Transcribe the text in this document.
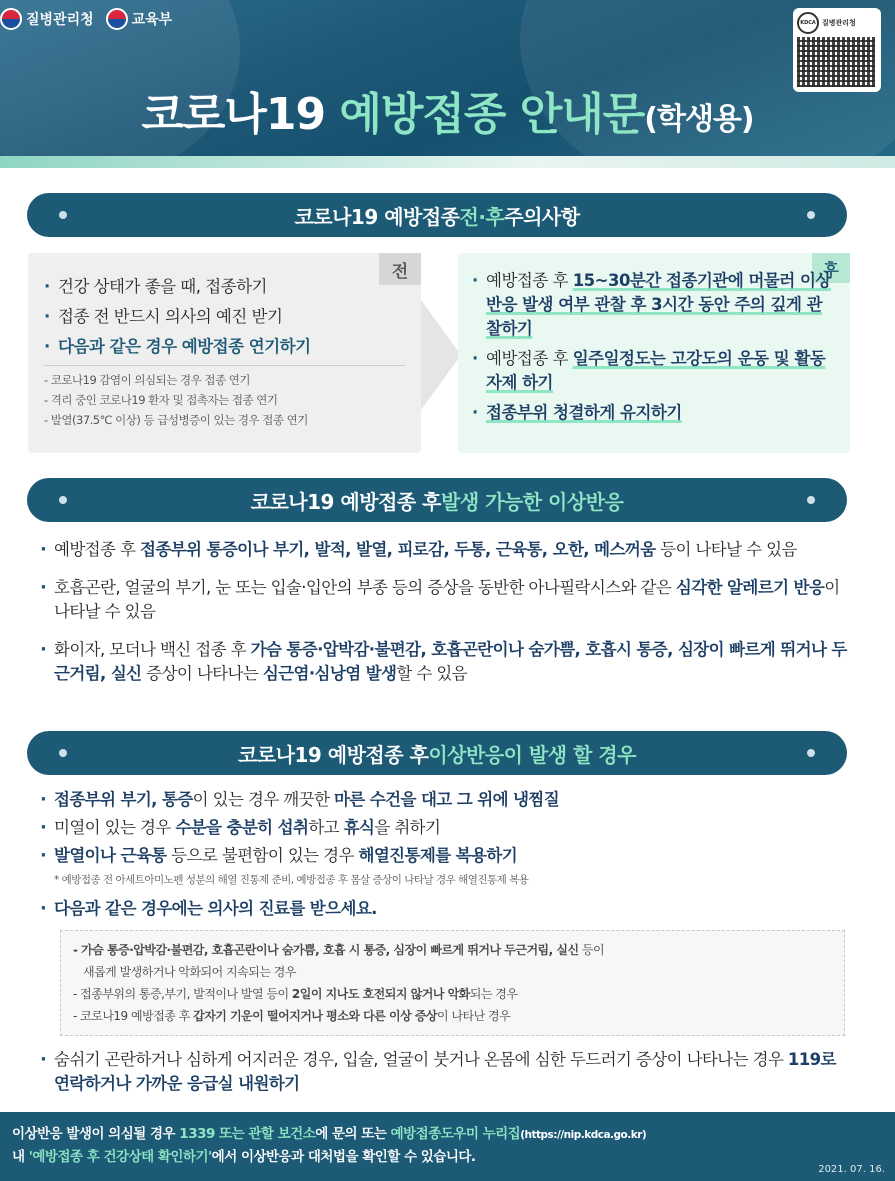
질병관리청	교육부	KDCA 질병관리청
코로나19 예방접종 안내문(학생용)
코로나19 예방접종 전·후 주의사항
전
· 건강 상태가 좋을 때, 접종하기
· 접종 전 반드시 의사의 예진 받기
· 다음과 같은 경우 예방접종 연기하기
- 코로나19 감염이 의심되는 경우 접종 연기
- 격리 중인 코로나19 환자 및 접촉자는 접종 연기
- 발열(37.5℃ 이상) 등 급성병증이 있는 경우 접종 연기
후
· 예방접종 후 15~30분간 접종기관에 머물러 이상반응 발생 여부 관찰 후 3시간 동안 주의 깊게 관찰하기
· 예방접종 후 일주일정도는 고강도의 운동 및 활동 자제 하기
· 접종부위 청결하게 유지하기
코로나19 예방접종 후 발생 가능한 이상반응
· 예방접종 후 접종부위 통증이나 부기, 발적, 발열, 피로감, 두통, 근육통, 오한, 메스꺼움 등이 나타날 수 있음
· 호흡곤란, 얼굴의 부기, 눈 또는 입술·입안의 부종 등의 증상을 동반한 아나필락시스와 같은 심각한 알레르기 반응이 나타날 수 있음
· 화이자, 모더나 백신 접종 후 가슴 통증·압박감·불편감, 호흡곤란이나 숨가쁨, 호흡시 통증, 심장이 빠르게 뛰거나 두근거림, 실신 증상이 나타나는 심근염·심낭염 발생할 수 있음
코로나19 예방접종 후 이상반응이 발생 할 경우
· 접종부위 부기, 통증이 있는 경우 깨끗한 마른 수건을 대고 그 위에 냉찜질
· 미열이 있는 경우 수분을 충분히 섭취하고 휴식을 취하기
· 발열이나 근육통 등으로 불편함이 있는 경우 해열진통제를 복용하기
* 예방접종 전 아세트아미노펜 성분의 해열 진통제 준비, 예방접종 후 몸살 증상이 나타날 경우 해열진통제 복용
· 다음과 같은 경우에는 의사의 진료를 받으세요.
- 가슴 통증·압박감·불편감, 호흡곤란이나 숨가쁨, 호흡 시 통증, 심장이 빠르게 뛰거나 두근거림, 실신 등이
새롭게 발생하거나 악화되어 지속되는 경우
- 접종부위의 통증,부기, 발적이나 발열 등이 2일이 지나도 호전되지 않거나 악화되는 경우
- 코로나19 예방접종 후 갑자기 기운이 떨어지거나 평소와 다른 이상 증상이 나타난 경우
· 숨쉬기 곤란하거나 심하게 어지러운 경우, 입술, 얼굴이 붓거나 온몸에 심한 두드러기 증상이 나타나는 경우 119로 연락하거나 가까운 응급실 내원하기
이상반응 발생이 의심될 경우 1339 또는 관할 보건소에 문의 또는 예방접종도우미 누리집(https://nip.kdca.go.kr)
내 '예방접종 후 건강상태 확인하기'에서 이상반응과 대처법을 확인할 수 있습니다.
2021. 07. 16.
